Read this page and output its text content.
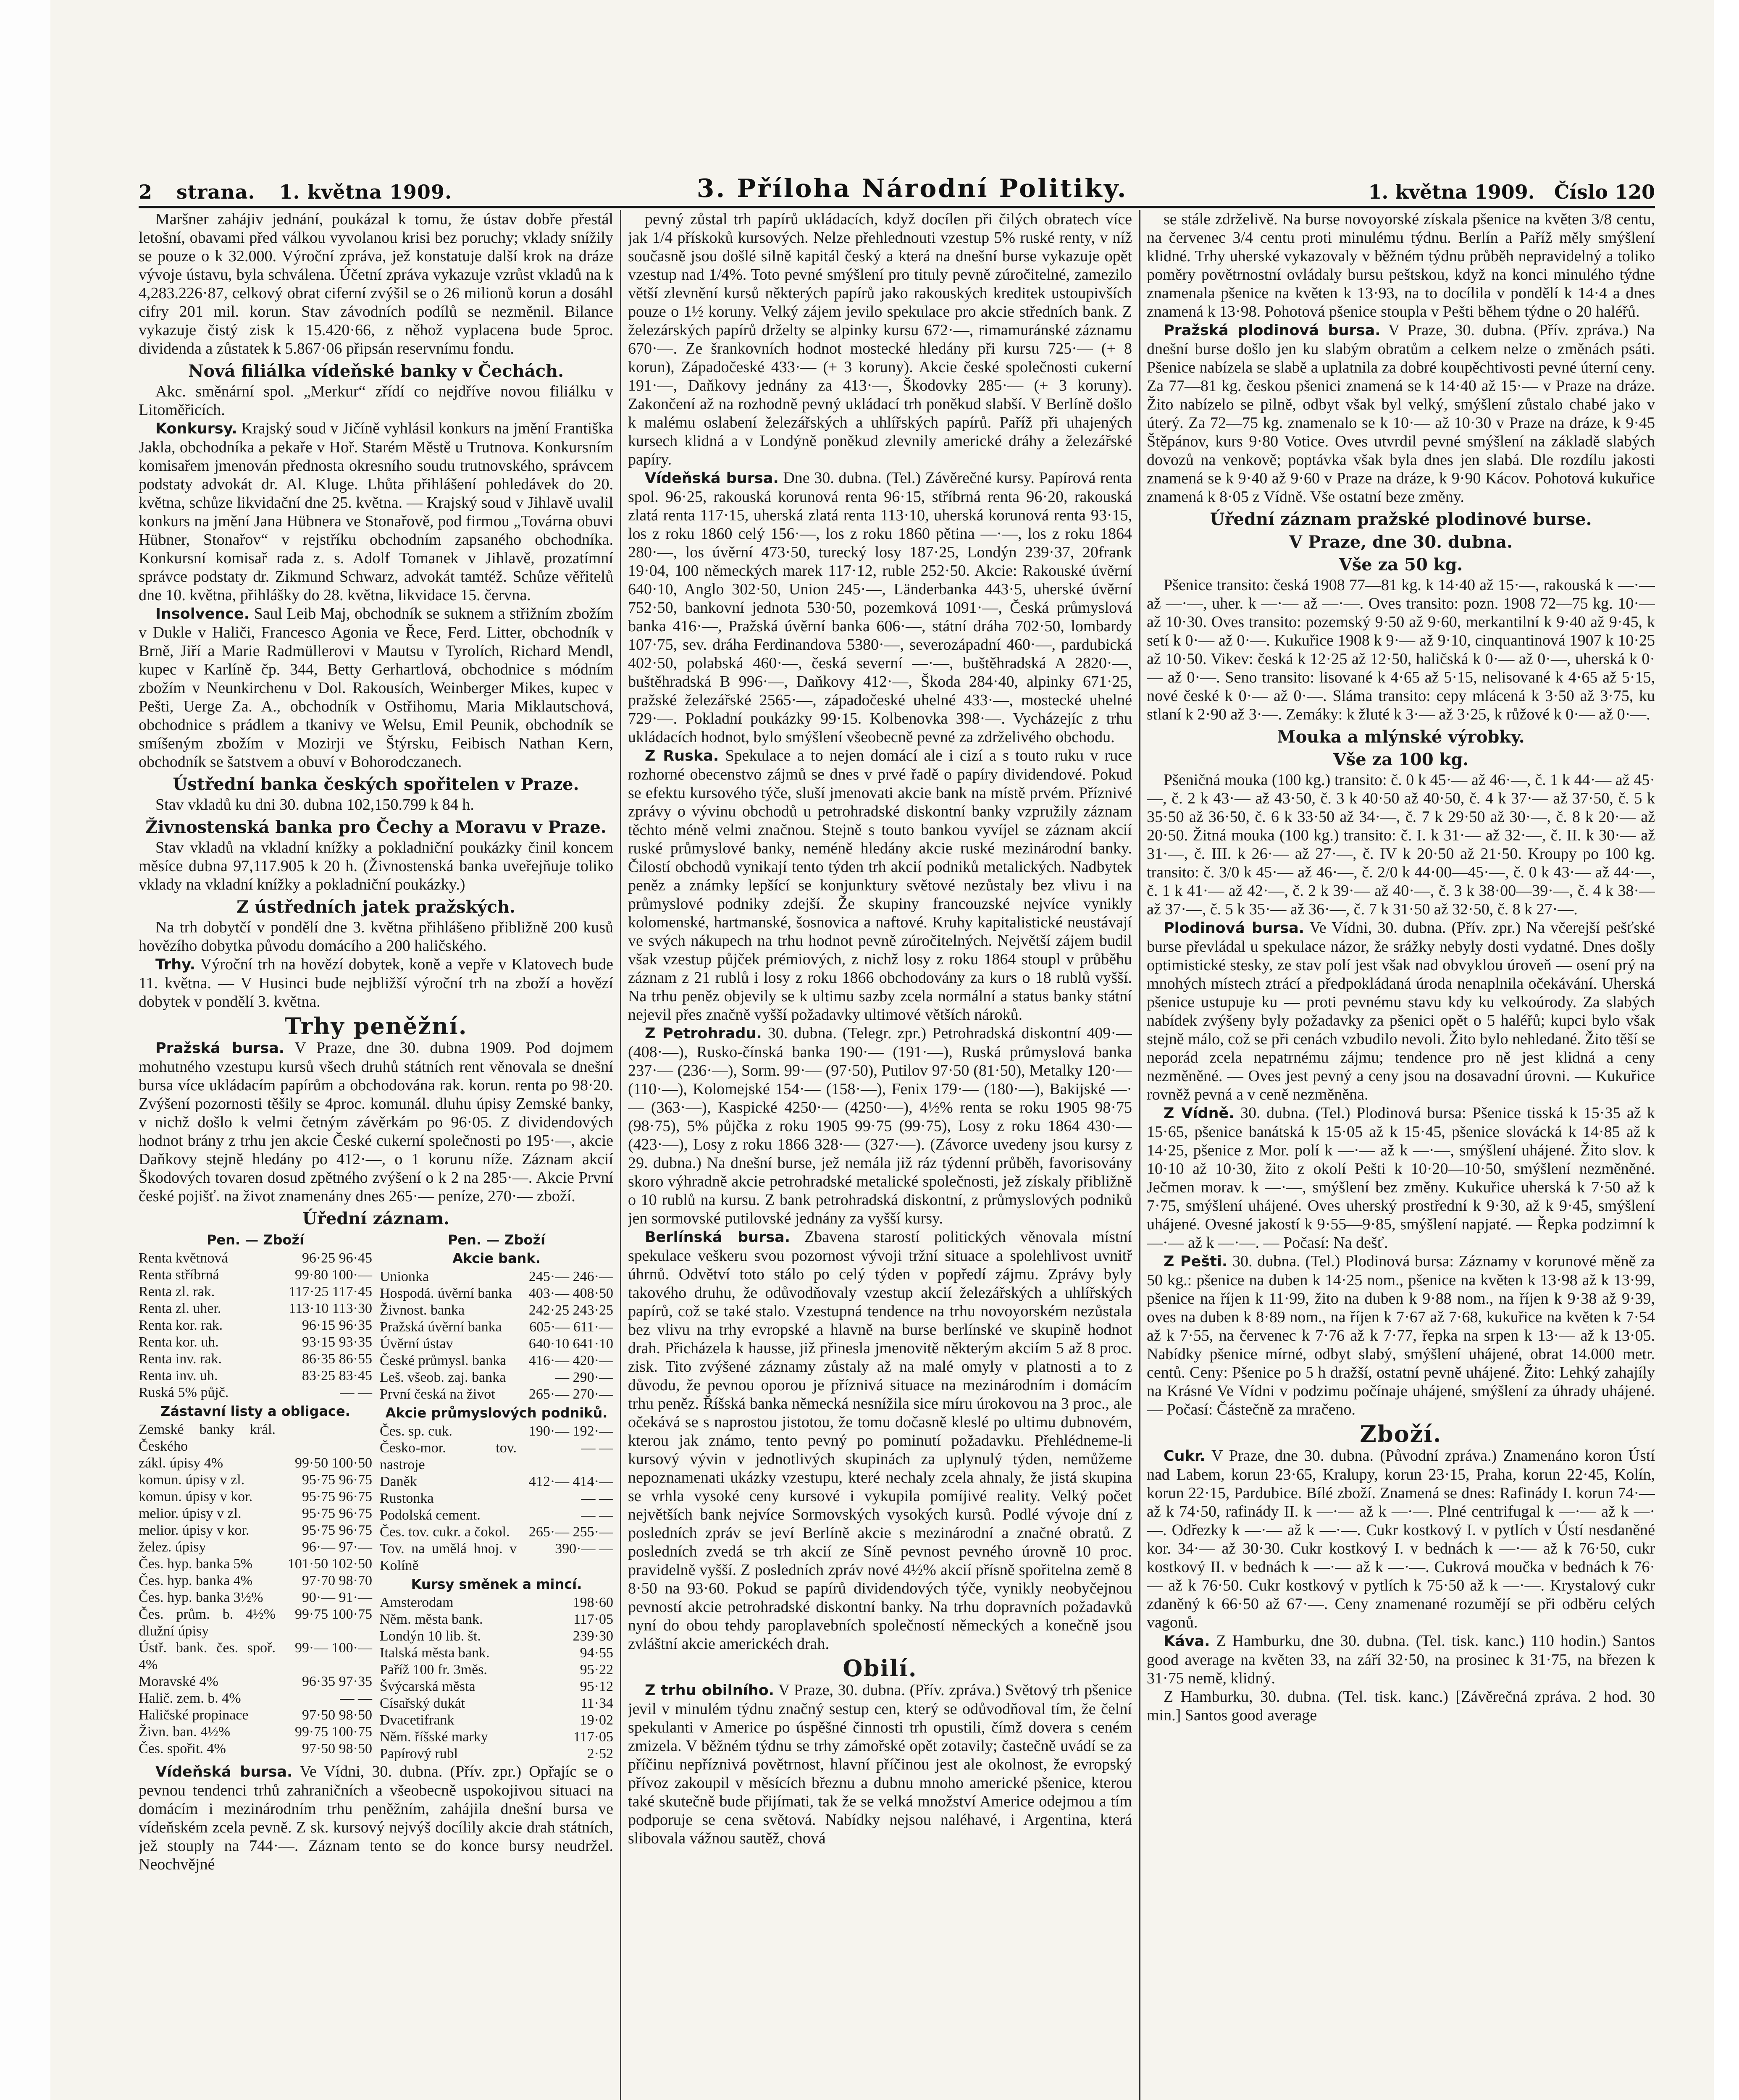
2 strana. 1. května 1909.	3. Příloha Národní Politiky.	1. května 1909. Číslo 120

Maršner zahájiv jednání, poukázal k tomu, že ústav dobře přestál letošní, obavami před válkou vyvolanou krisi bez poruchy; vklady snížily se pouze o k 32.000. Výroční zpráva, jež konstatuje další krok na dráze vývoje ústavu, byla schválena. Účetní zpráva vykazuje vzrůst vkladů na k 4,283.226·87, celkový obrat ciferní zvýšil se o 26 milionů korun a dosáhl cifry 201 mil. korun. Stav závodních podílů se nezměnil. Bilance vykazuje čistý zisk k 15.420·66, z něhož vyplacena bude 5proc. dividenda a zůstatek k 5.867·06 připsán reservnímu fondu.

Nová filiálka vídeňské banky v Čechách.

Akc. směnární spol. „Merkur“ zřídí co nejdříve novou filiálku v Litoměřicích.

Konkursy. Krajský soud v Jičíně vyhlásil konkurs na jmění Františka Jakla, obchodníka a pekaře v Hoř. Starém Městě u Trutnova. Konkursním komisařem jmenován přednosta okresního soudu trutnovského, správcem podstaty advokát dr. Al. Kluge. Lhůta přihlášení pohledávek do 20. května, schůze likvidační dne 25. května. — Krajský soud v Jihlavě uvalil konkurs na jmění Jana Hübnera ve Stonařově, pod firmou „Továrna obuvi Hübner, Stonařov“ v rejstříku obchodním zapsaného obchodníka. Konkursní komisař rada z. s. Adolf Tomanek v Jihlavě, prozatímní správce podstaty dr. Zikmund Schwarz, advokát tamtéž. Schůze věřitelů dne 10. května, přihlášky do 28. května, likvidace 15. června.

Insolvence. Saul Leib Maj, obchodník se suknem a střižním zbožím v Dukle v Haliči, Francesco Agonia ve Řece, Ferd. Litter, obchodník v Brně, Jiří a Marie Radmüllerovi v Mautsu v Tyrolích, Richard Mendl, kupec v Karlíně čp. 344, Betty Gerhartlová, obchodnice s módním zbožím v Neunkirchenu v Dol. Rakousích, Weinberger Mikes, kupec v Pešti, Uerge Za. A., obchodník v Ostřihomu, Maria Miklautschová, obchodnice s prádlem a tkanivy ve Welsu, Emil Peunik, obchodník se smíšeným zbožím v Mozirji ve Štýrsku, Feibisch Nathan Kern, obchodník se šatstvem a obuví v Bohorodczanech.

Ústřední banka českých spořitelen v Praze.

Stav vkladů ku dni 30. dubna 102,150.799 k 84 h.

Živnostenská banka pro Čechy a Moravu v Praze.

Stav vkladů na vkladní knížky a pokladniční poukázky činil koncem měsíce dubna 97,117.905 k 20 h. (Živnostenská banka uveřejňuje toliko vklady na vkladní knížky a pokladniční poukázky.)

Z ústředních jatek pražských.

Na trh dobytčí v pondělí dne 3. května přihlášeno přibližně 200 kusů hovězího dobytka původu domácího a 200 haličského.

Trhy. Výroční trh na hovězí dobytek, koně a vepře v Klatovech bude 11. května. — V Husinci bude nejbližší výroční trh na zboží a hovězí dobytek v pondělí 3. května.

Trhy peněžní.

Pražská bursa. V Praze, dne 30. dubna 1909. Pod dojmem mohutného vzestupu kursů všech druhů státních rent věnovala se dnešní bursa více ukládacím papírům a obchodována rak. korun. renta po 98·20. Zvýšení pozornosti těšily se 4proc. komunál. dluhu úpisy Zemské banky, v nichž došlo k velmi četným závěrkám po 96·05. Z dividendových hodnot brány z trhu jen akcie České cukerní společnosti po 195·—, akcie Daňkovy stejně hledány po 412·—, o 1 korunu níže. Záznam akcií Škodových tovaren dosud zpětného zvýšení o k 2 na 285·—. Akcie První české pojišť. na život znamenány dnes 265·— peníze, 270·— zboží.

Úřední záznam.
Pen. — Zboží
Renta květnová	96·25 96·45
Renta stříbrná	99·80 100·—
Renta zl. rak.	117·25 117·45
Renta zl. uher.	113·10 113·30
Renta kor. rak.	96·15 96·35
Renta kor. uh.	93·15 93·35
Renta inv. rak.	86·35 86·55
Renta inv. uh.	83·25 83·45
Ruská 5% půjč.	— —
Zástavní listy a obligace.
Zemské banky král. Českého
zákl. úpisy 4%	99·50 100·50
komun. úpisy v zl.	95·75 96·75
komun. úpisy v kor.	95·75 96·75
melior. úpisy v zl.	95·75 96·75
melior. úpisy v kor.	95·75 96·75
želez. úpisy	96·— 97·—
Čes. hyp. banka 5%	101·50 102·50
Čes. hyp. banka 4%	97·70 98·70
Čes. hyp. banka 3½%	90·— 91·—
Čes. prům. b. 4½% dlužní úpisy
99·75 100·75
Ústř. bank. čes. spoř. 4%
99·— 100·—
Moravské 4%	96·35 97·35
Halič. zem. b. 4%	— —
Haličské propinace	97·50 98·50
Živn. ban. 4½%	99·75 100·75
Čes. spořit. 4%	97·50 98·50
Pen. — Zboží
Akcie bank.
Unionka	245·— 246·—
Hospodá. úvěrní banka	403·— 408·50
Živnost. banka	242·25 243·25
Pražská úvěrní banka	605·— 611·—
Úvěrní ústav	640·10 641·10
České průmysl. banka	416·— 420·—
Leš. všeob. zaj. banka	— 290·—
První česká na život	265·— 270·—
Akcie průmyslových podniků.
Čes. sp. cuk.	190·— 192·—
Česko-mor. tov. nastroje
— —
Daněk	412·— 414·—
Rustonka	— —
Podolská cement.	— —
Čes. tov. cukr. a čokol.	265·— 255·—
Tov. na umělá hnoj. v Kolíně
390·— —
Kursy směnek a mincí.
Amsterodam	198·60
Něm. města bank.	117·05
Londýn 10 lib. št.	239·30
Italská města bank.	94·55
Paříž 100 fr. 3měs.	95·22
Švýcarská města	95·12
Císařský dukát	11·34
Dvacetifrank	19·02
Něm. říšské marky	117·05
Papírový rubl	2·52

Vídeňská bursa. Ve Vídni, 30. dubna. (Přív. zpr.) Opřajíc se o pevnou tendenci trhů zahraničních a všeobecně uspokojivou situaci na domácím i mezinárodním trhu peněžním, zahájila dnešní bursa ve vídeňském zcela pevně. Z sk. kursový nejvýš docílily akcie drah státních, jež stouply na 744·—. Záznam tento se do konce bursy neudržel. Neochvějné

pevný zůstal trh papírů ukládacích, když docílen při čilých obratech více jak 1/4 přískoků kursových. Nelze přehlednouti vzestup 5% ruské renty, v níž současně jsou došlé silně kapitál český a která na dnešní burse vykazuje opět vzestup nad 1/4%. Toto pevné smýšlení pro tituly pevně zúročitelné, zamezilo větší zlevnění kursů některých papírů jako rakouských kreditek ustoupivších pouze o 1½ koruny. Velký zájem jevilo spekulace pro akcie středních bank. Z železárských papírů drželty se alpinky kursu 672·—, rimamuránské záznamu 670·—. Ze šrankovních hodnot mostecké hledány při kursu 725·— (+ 8 korun), Západočeské 433·— (+ 3 koruny). Akcie české společnosti cukerní 191·—, Daňkovy jednány za 413·—, Škodovky 285·— (+ 3 koruny). Zakončení až na rozhodně pevný ukládací trh poněkud slabší. V Berlíně došlo k malému oslabení železářských a uhlířských papírů. Paříž při uhajených kursech klidná a v Londýně poněkud zlevnily americké dráhy a železářské papíry.

Vídeňská bursa. Dne 30. dubna. (Tel.) Závěrečné kursy. Papírová renta spol. 96·25, rakouská korunová renta 96·15, stříbrná renta 96·20, rakouská zlatá renta 117·15, uherská zlatá renta 113·10, uherská korunová renta 93·15, los z roku 1860 celý 156·—, los z roku 1860 pětina —·—, los z roku 1864 280·—, los úvěrní 473·50, turecký losy 187·25, Londýn 239·37, 20frank 19·04, 100 německých marek 117·12, ruble 252·50. Akcie: Rakouské úvěrní 640·10, Anglo 302·50, Union 245·—, Länderbanka 443·5, uherské úvěrní 752·50, bankovní jednota 530·50, pozemková 1091·—, Česká průmyslová banka 416·—, Pražská úvěrní banka 606·—, státní dráha 702·50, lombardy 107·75, sev. dráha Ferdinandova 5380·—, severozápadní 460·—, pardubická 402·50, polabská 460·—, česká severní —·—, buštěhradská A 2820·—, buštěhradská B 996·—, Daňkovy 412·—, Škoda 284·40, alpinky 671·25, pražské železářské 2565·—, západočeské uhelné 433·—, mostecké uhelné 729·—. Pokladní poukázky 99·15. Kolbenovka 398·—. Vycházejíc z trhu ukládacích hodnot, bylo smýšlení všeobecně pevné za zdrželivého obchodu.

Z Ruska. Spekulace a to nejen domácí ale i cizí a s touto ruku v ruce rozhorné obecenstvo zájmů se dnes v prvé řadě o papíry dividendové. Pokud se efektu kursového týče, sluší jmenovati akcie bank na místě prvém. Příznivé zprávy o vývinu obchodů u petrohradské diskontní banky vzpružily záznam těchto méně velmi značnou. Stejně s touto bankou vyvíjel se záznam akcií ruské průmyslové banky, neméně hledány akcie ruské mezinárodní banky. Čilostí obchodů vynikají tento týden trh akcií podniků metalických. Nadbytek peněz a známky lepšící se konjunktury světové nezůstaly bez vlivu i na průmyslové podniky zdejší. Že skupiny francouzské nejvíce vynikly kolomenské, hartmanské, šosnovica a naftové. Kruhy kapitalistické neustávají ve svých nákupech na trhu hodnot pevně zúročitelných. Největší zájem budil však vzestup půjček prémiových, z nichž losy z roku 1864 stoupl v průběhu záznam z 21 rublů i losy z roku 1866 obchodovány za kurs o 18 rublů vyšší. Na trhu peněz objevily se k ultimu sazby zcela normální a status banky státní nejevil přes značně vyšší požadavky ultimové větších nároků.

Z Petrohradu. 30. dubna. (Telegr. zpr.) Petrohradská diskontní 409·— (408·—), Rusko-čínská banka 190·— (191·—), Ruská průmyslová banka 237·— (236·—), Sorm. 99·— (97·50), Putilov 97·50 (81·50), Metalky 120·— (110·—), Kolomejské 154·— (158·—), Fenix 179·— (180·—), Bakijské —·— (363·—), Kaspické 4250·— (4250·—), 4½% renta se roku 1905 98·75 (98·75), 5% půjčka z roku 1905 99·75 (99·75), Losy z roku 1864 430·— (423·—), Losy z roku 1866 328·— (327·—). (Závorce uvedeny jsou kursy z 29. dubna.) Na dnešní burse, jež nemála již ráz týdenní průběh, favorisovány skoro výhradně akcie petrohradské metalické společnosti, jež získaly přibližně o 10 rublů na kursu. Z bank petrohradská diskontní, z průmyslových podniků jen sormovské putilovské jednány za vyšší kursy.

Berlínská bursa. Zbavena starostí politických věnovala místní spekulace veškeru svou pozornost vývoji tržní situace a spolehlivost uvnitř úhrnů. Odvětví toto stálo po celý týden v popředí zájmu. Zprávy byly takového druhu, že odůvodňovaly vzestup akcií železářských a uhlířských papírů, což se také stalo. Vzestupná tendence na trhu novoyorském nezůstala bez vlivu na trhy evropské a hlavně na burse berlínské ve skupině hodnot drah. Přicházela k hausse, již přinesla jmenovitě některým akciím 5 až 8 proc. zisk. Tito zvýšené záznamy zůstaly až na malé omyly v platnosti a to z důvodu, že pevnou oporou je příznivá situace na mezinárodním i domácím trhu peněz. Říšská banka německá nesnížila sice míru úrokovou na 3 proc., ale očekává se s naprostou jistotou, že tomu dočasně kleslé po ultimu dubnovém, kterou jak známo, tento pevný po pominutí požadavku. Přehlédneme-li kursový vývin v jednotlivých skupinách za uplynulý týden, nemůžeme nepoznamenati ukázky vzestupu, které nechaly zcela ahnaly, že jistá skupina se vrhla vysoké ceny kursové i vykupila pomíjivé reality. Velký počet největších bank nejvíce Sormovských vysokých kursů. Podlé vývoje dní z posledních zpráv se jeví Berlíně akcie s mezinárodní a značné obratů. Z posledních zvedá se trh akcií ze Síně pevnost pevného úrovně 10 proc. pravidelně vyšší. Z posledních zpráv nové 4½% akcií přísně spořitelna země 8 8·50 na 93·60. Pokud se papírů dividendových týče, vynikly neobyčejnou pevností akcie petrohradské diskontní banky. Na trhu dopravních požadavků nyní do obou tehdy paroplavebních společností německých a konečně jsou zvláštní akcie americkéch drah.

Obilí.

Z trhu obilního. V Praze, 30. dubna. (Přív. zpráva.) Světový trh pšenice jevil v minulém týdnu značný sestup cen, který se odůvodňoval tím, že čelní spekulanti v Americe po úspěšné činnosti trh opustili, čímž dovera s ceném zmizela. V běžném týdnu se trhy zámořské opět zotavily; častečně uvádí se za příčinu nepříznivá povětrnost, hlavní příčinou jest ale okolnost, že evropský přívoz zakoupil v měsících březnu a dubnu mnoho americké pšenice, kterou také skutečně bude přijímati, tak že se velká množství Americe odejmou a tím podporuje se cena světová. Nabídky nejsou naléhavé, i Argentina, která slibovala vážnou sautěž, chová

se stále zdrželivě. Na burse novoyorské získala pšenice na květen 3/8 centu, na červenec 3/4 centu proti minulému týdnu. Berlín a Paříž měly smýšlení klidné. Trhy uherské vykazovaly v běžném týdnu průběh nepravidelný a toliko poměry povětrnostní ovládaly bursu peštskou, když na konci minulého týdne znamenala pšenice na květen k 13·93, na to docílila v pondělí k 14·4 a dnes znamená k 13·98. Pohotová pšenice stoupla v Pešti během týdne o 20 haléřů.

Pražská plodinová bursa. V Praze, 30. dubna. (Přív. zpráva.) Na dnešní burse došlo jen ku slabým obratům a celkem nelze o změnách psáti. Pšenice nabízela se slabě a uplatnila za dobré koupěchtivosti pevné úterní ceny. Za 77—81 kg. českou pšenici znamená se k 14·40 až 15·— v Praze na dráze. Žito nabízelo se pilně, odbyt však byl velký, smýšlení zůstalo chabé jako v úterý. Za 72—75 kg. znamenalo se k 10·— až 10·30 v Praze na dráze, k 9·45 Štěpánov, kurs 9·80 Votice. Oves utvrdil pevné smýšlení na základě slabých dovozů na venkově; poptávka však byla dnes jen slabá. Dle rozdílu jakosti znamená se k 9·40 až 9·60 v Praze na dráze, k 9·90 Kácov. Pohotová kukuřice znamená k 8·05 z Vídně. Vše ostatní beze změny.

Úřední záznam pražské plodinové burse.
V Praze, dne 30. dubna.
Vše za 50 kg.

Pšenice transito: česká 1908 77—81 kg. k 14·40 až 15·—, rakouská k —·— až —·—, uher. k —·— až —·—. Oves transito: pozn. 1908 72—75 kg. 10·— až 10·30. Oves transito: pozemský 9·50 až 9·60, merkantilní k 9·40 až 9·45, k setí k 0·— až 0·—. Kukuřice 1908 k 9·— až 9·10, cinquantinová 1907 k 10·25 až 10·50. Vikev: česká k 12·25 až 12·50, haličská k 0·— až 0·—, uherská k 0·— až 0·—. Seno transito: lisované k 4·65 až 5·15, nelisované k 4·65 až 5·15, nové české k 0·— až 0·—. Sláma transito: cepy mlácená k 3·50 až 3·75, ku stlaní k 2·90 až 3·—. Zemáky: k žluté k 3·— až 3·25, k růžové k 0·— až 0·—.

Mouka a mlýnské výrobky.
Vše za 100 kg.

Pšeničná mouka (100 kg.) transito: č. 0 k 45·— až 46·—, č. 1 k 44·— až 45·—, č. 2 k 43·— až 43·50, č. 3 k 40·50 až 40·50, č. 4 k 37·— až 37·50, č. 5 k 35·50 až 36·50, č. 6 k 33·50 až 34·—, č. 7 k 29·50 až 30·—, č. 8 k 20·— až 20·50. Žitná mouka (100 kg.) transito: č. I. k 31·— až 32·—, č. II. k 30·— až 31·—, č. III. k 26·— až 27·—, č. IV k 20·50 až 21·50. Kroupy po 100 kg. transito: č. 3/0 k 45·— až 46·—, č. 2/0 k 44·00—45·—, č. 0 k 43·— až 44·—, č. 1 k 41·— až 42·—, č. 2 k 39·— až 40·—, č. 3 k 38·00—39·—, č. 4 k 38·— až 37·—, č. 5 k 35·— až 36·—, č. 7 k 31·50 až 32·50, č. 8 k 27·—.

Plodinová bursa. Ve Vídni, 30. dubna. (Přív. zpr.) Na včerejší pešťské burse převládal u spekulace názor, že srážky nebyly dosti vydatné. Dnes došly optimistické stesky, ze stav polí jest však nad obvyklou úroveň — osení prý na mnohých místech ztrácí a předpokládaná úroda nenaplnila očekávání. Uherská pšenice ustupuje ku — proti pevnému stavu kdy ku velkoúrody. Za slabých nabídek zvýšeny byly požadavky za pšenici opět o 5 haléřů; kupci bylo však stejně málo, což se při cenách vzbudilo nevoli. Žito bylo nehledané. Žito těší se neporád zcela nepatrnému zájmu; tendence pro ně jest klidná a ceny nezměněné. — Oves jest pevný a ceny jsou na dosavadní úrovni. — Kukuřice rovněž pevná a v ceně nezměněna.

Z Vídně. 30. dubna. (Tel.) Plodinová bursa: Pšenice tisská k 15·35 až k 15·65, pšenice banátská k 15·05 až k 15·45, pšenice slovácká k 14·85 až k 14·25, pšenice z Mor. polí k —·— až k —·—, smýšlení uhájené. Žito slov. k 10·10 až 10·30, žito z okolí Pešti k 10·20—10·50, smýšlení nezměněné. Ječmen morav. k —·—, smýšlení bez změny. Kukuřice uherská k 7·50 až k 7·75, smýšlení uhájené. Oves uherský prostřední k 9·30, až k 9·45, smýšlení uhájené. Ovesné jakostí k 9·55—9·85, smýšlení napjaté. — Řepka podzimní k —·— až k —·—. — Počasí: Na dešť.

Z Pešti. 30. dubna. (Tel.) Plodinová bursa: Záznamy v korunové měně za 50 kg.: pšenice na duben k 14·25 nom., pšenice na květen k 13·98 až k 13·99, pšenice na říjen k 11·99, žito na duben k 9·88 nom., na říjen k 9·38 až 9·39, oves na duben k 8·89 nom., na říjen k 7·67 až 7·68, kukuřice na květen k 7·54 až k 7·55, na červenec k 7·76 až k 7·77, řepka na srpen k 13·— až k 13·05. Nabídky pšenice mírné, odbyt slabý, smýšlení uhájené, obrat 14.000 metr. centů. Ceny: Pšenice po 5 h dražší, ostatní pevně uhájené. Žito: Lehký zahajíly na Krásné Ve Vídni v podzimu počínaje uhájené, smýšlení za úhrady uhájené. — Počasí: Částečně za mračeno.

Zboží.

Cukr. V Praze, dne 30. dubna. (Původní zpráva.) Znamenáno koron Ústí nad Labem, korun 23·65, Kralupy, korun 23·15, Praha, korun 22·45, Kolín, korun 22·15, Pardubice. Bílé zboží. Znamená se dnes: Rafinády I. korun 74·— až k 74·50, rafinády II. k —·— až k —·—. Plné centrifugal k —·— až k —·—. Odřezky k —·— až k —·—. Cukr kostkový I. v pytlích v Ústí nesdaněné kor. 34·— až 30·30. Cukr kostkový I. v bednách k —·— až k 76·50, cukr kostkový II. v bednách k —·— až k —·—. Cukrová moučka v bednách k 76·— až k 76·50. Cukr kostkový v pytlích k 75·50 až k —·—. Krystalový cukr zdaněný k 66·50 až 67·—. Ceny znamenané rozumějí se při odběru celých vagonů.

Káva. Z Hamburku, dne 30. dubna. (Tel. tisk. kanc.) 110 hodin.) Santos good average na květen 33, na září 32·50, na prosinec k 31·75, na březen k 31·75 nemě, klidný.

Z Hamburku, 30. dubna. (Tel. tisk. kanc.) [Závěrečná zpráva. 2 hod. 30 min.] Santos good average
